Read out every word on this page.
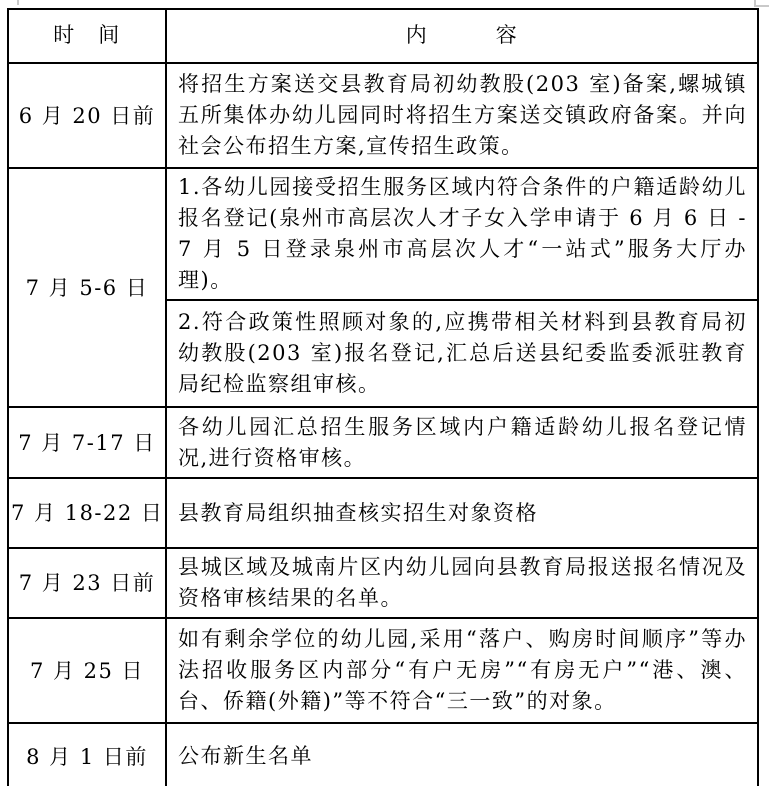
时　间	内　　　容
6 月 20 日前	将招生方案送交县教育局初幼教股(203 室)备案,螺城镇五所集体办幼儿园同时将招生方案送交镇政府备案。并向社会公布招生方案,宣传招生政策。
7 月 5-6 日	1.各幼儿园接受招生服务区域内符合条件的户籍适龄幼儿报名登记(泉州市高层次人才子女入学申请于 6 月 6 日 - 7 月 5 日登录泉州市高层次人才“一站式”服务大厅办理)。
	2.符合政策性照顾对象的,应携带相关材料到县教育局初幼教股(203 室)报名登记,汇总后送县纪委监委派驻教育局纪检监察组审核。
7 月 7-17 日	各幼儿园汇总招生服务区域内户籍适龄幼儿报名登记情况,进行资格审核。
7 月 18-22 日	县教育局组织抽查核实招生对象资格
7 月 23 日前	县城区域及城南片区内幼儿园向县教育局报送报名情况及资格审核结果的名单。
7 月 25 日	如有剩余学位的幼儿园,采用“落户、购房时间顺序”等办法招收服务区内部分“有户无房”“有房无户”“港、澳、台、侨籍(外籍)”等不符合“三一致”的对象。
8 月 1 日前	公布新生名单
